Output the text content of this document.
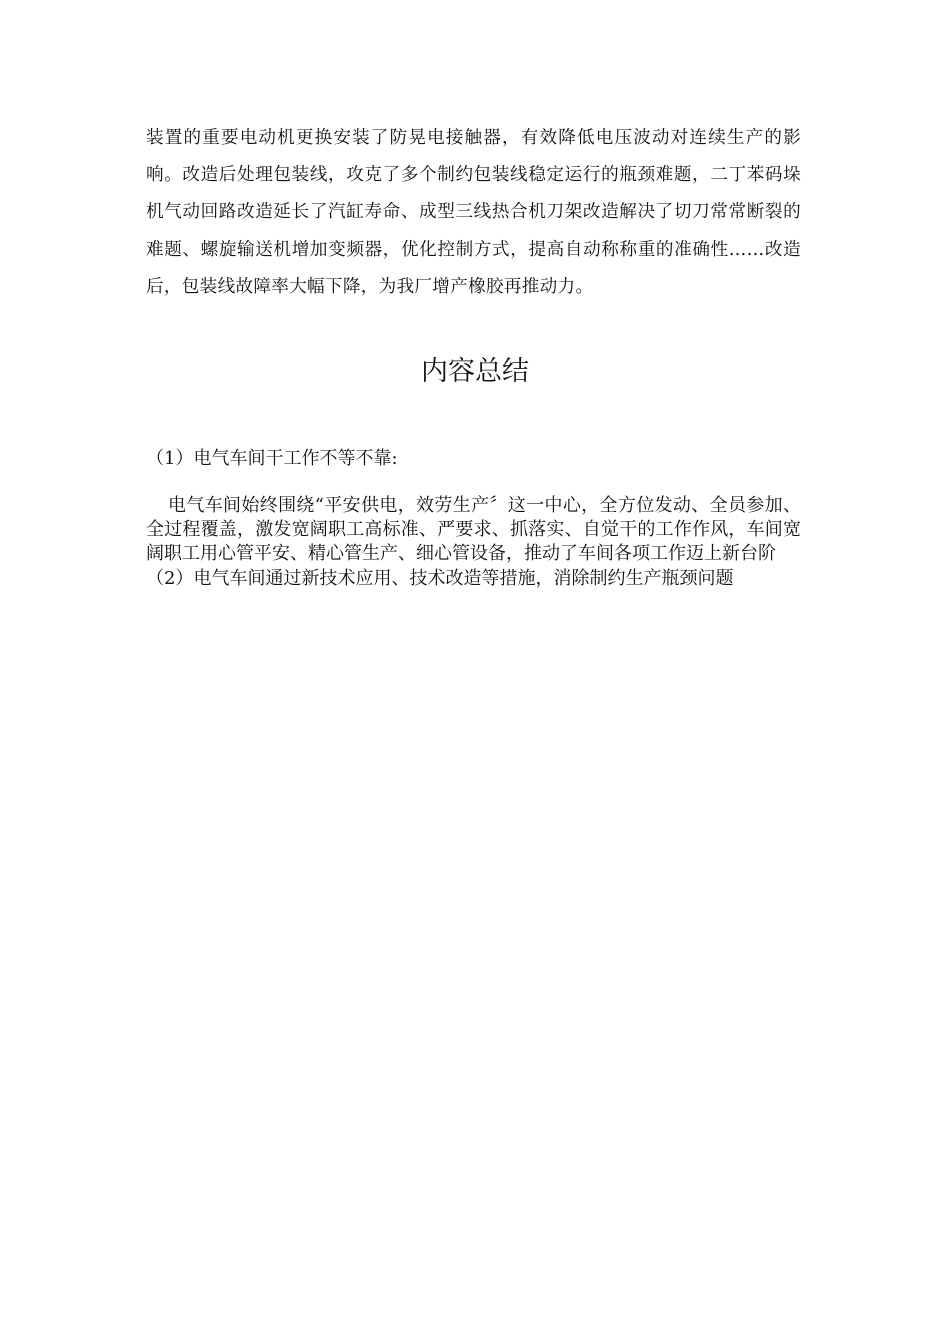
装置的重要电动机更换安装了防晃电接触器，有效降低电压波动对连续生产的影响。改造后处理包装线，攻克了多个制约包装线稳定运行的瓶颈难题，二丁苯码垛机气动回路改造延长了汽缸寿命、成型三线热合机刀架改造解决了切刀常常断裂的难题、螺旋输送机增加变频器，优化控制方式，提高自动称称重的准确性……改造后，包装线故障率大幅下降，为我厂增产橡胶再推动力。

内容总结

（1）电气车间干工作不等不靠:

电气车间始终围绕“平安供电，效劳生产〞这一中心，全方位发动、全员参加、全过程覆盖，激发宽阔职工高标准、严要求、抓落实、自觉干的工作作风，车间宽阔职工用心管平安、精心管生产、细心管设备，推动了车间各项工作迈上新台阶
（2）电气车间通过新技术应用、技术改造等措施，消除制约生产瓶颈问题
